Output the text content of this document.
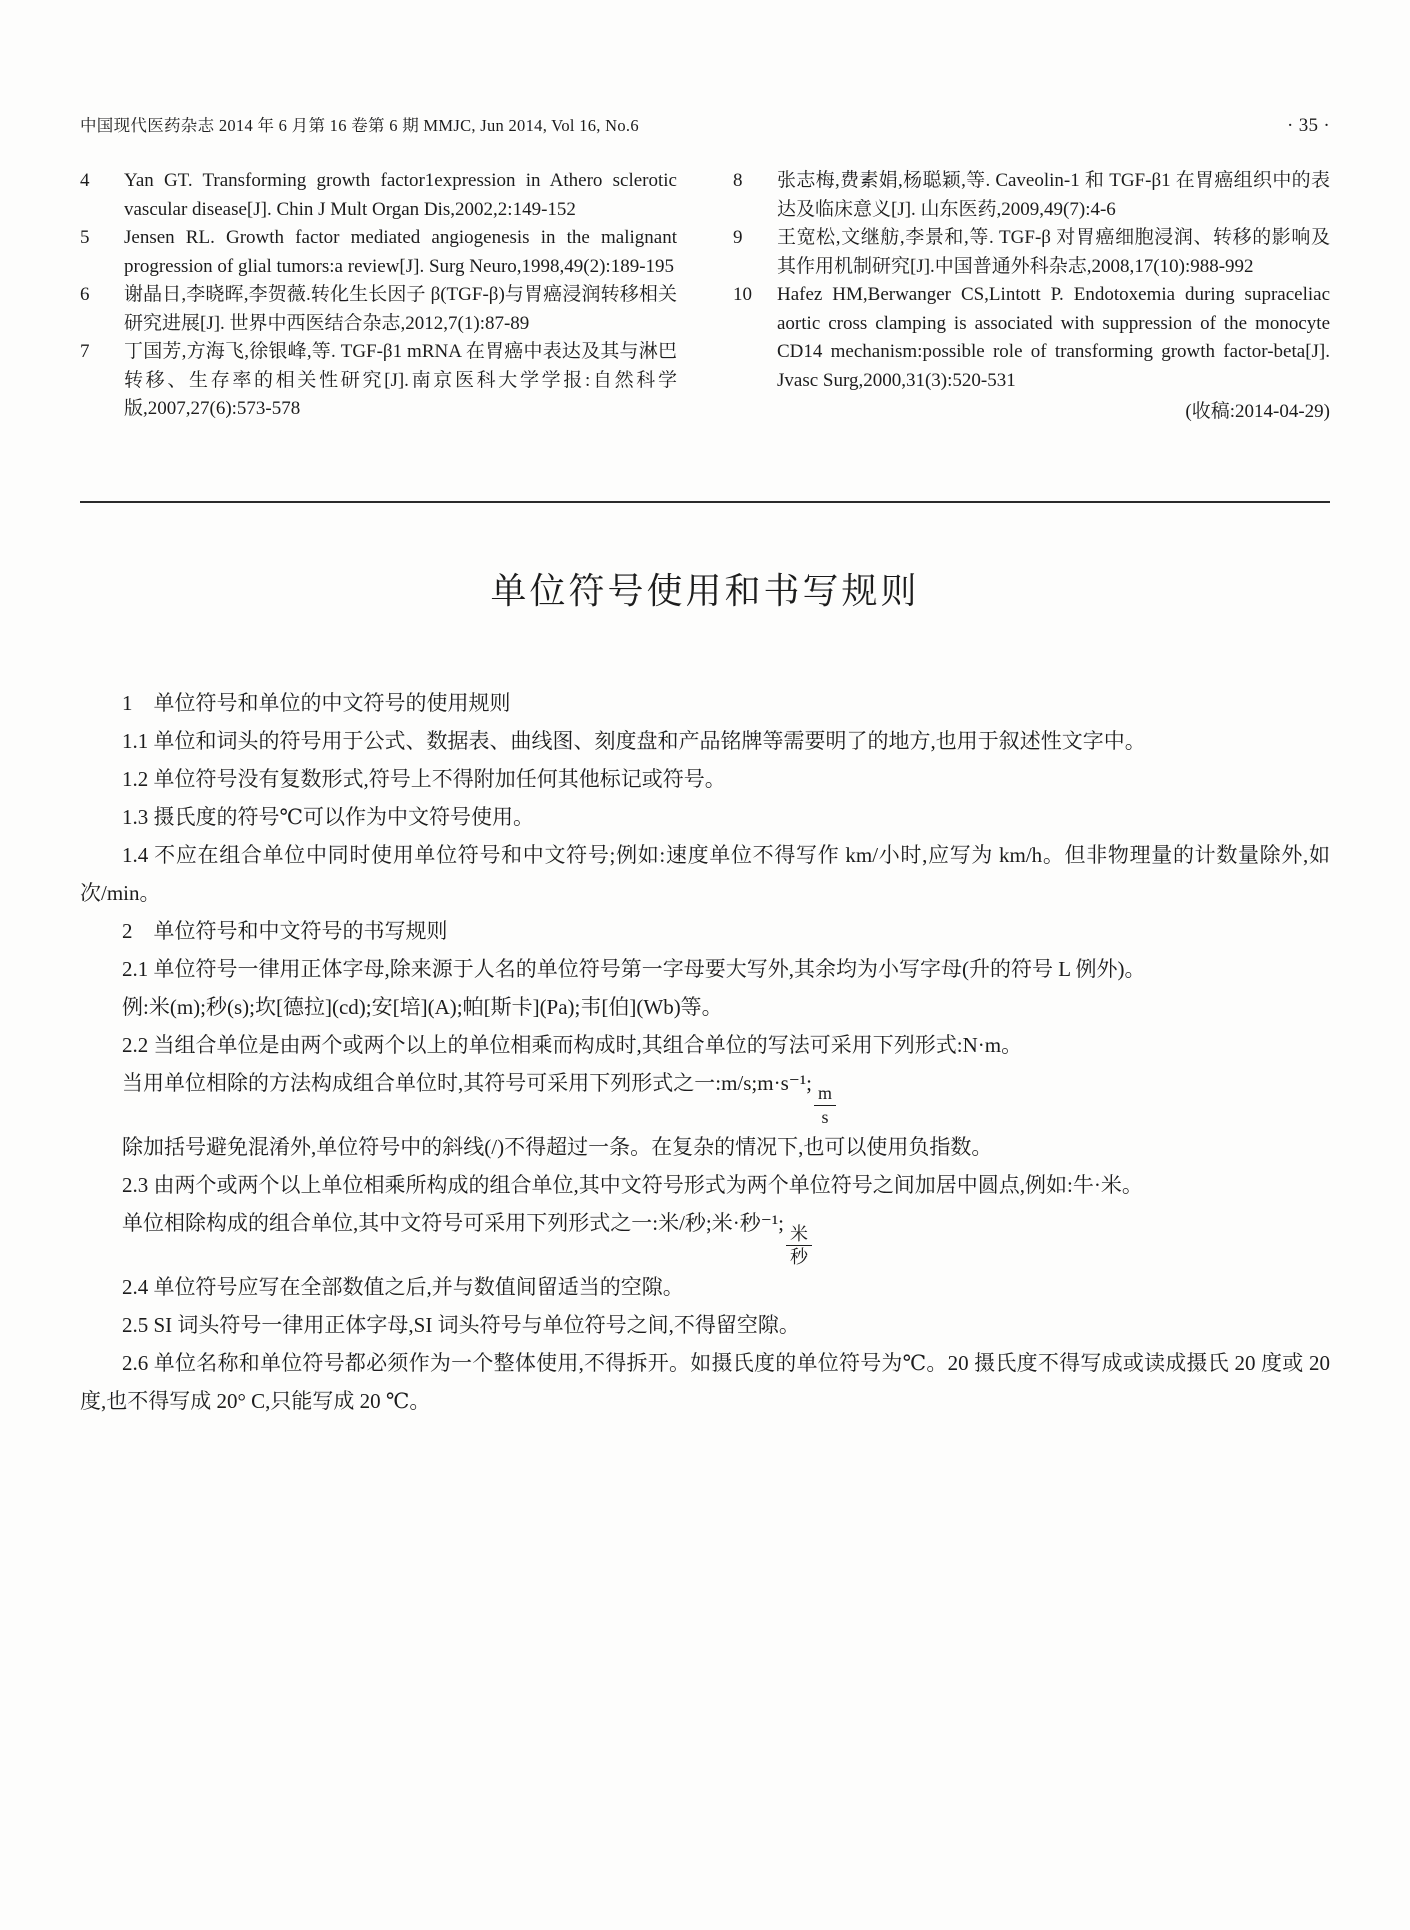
中国现代医药杂志 2014 年 6 月第 16 卷第 6 期 MMJC, Jun 2014, Vol 16, No.6	· 35 ·
4	Yan GT. Transforming growth factor1expression in Athero sclerotic vascular disease[J]. Chin J Mult Organ Dis,2002,2:149-152
5	Jensen RL. Growth factor mediated angiogenesis in the malignant progression of glial tumors:a review[J]. Surg Neuro,1998,49(2):189-195
6	谢晶日,李晓晖,李贺薇.转化生长因子 β(TGF-β)与胃癌浸润转移相关研究进展[J]. 世界中西医结合杂志,2012,7(1):87-89
7	丁国芳,方海飞,徐银峰,等. TGF-β1 mRNA 在胃癌中表达及其与淋巴转移、生存率的相关性研究[J].南京医科大学学报:自然科学版,2007,27(6):573-578
8	张志梅,费素娟,杨聪颖,等. Caveolin-1 和 TGF-β1 在胃癌组织中的表达及临床意义[J]. 山东医药,2009,49(7):4-6
9	王宽松,文继舫,李景和,等. TGF-β 对胃癌细胞浸润、转移的影响及其作用机制研究[J].中国普通外科杂志,2008,17(10):988-992
10	Hafez HM,Berwanger CS,Lintott P. Endotoxemia during supraceliac aortic cross clamping is associated with suppression of the monocyte CD14 mechanism:possible role of transforming growth factor-beta[J]. Jvasc Surg,2000,31(3):520-531
(收稿:2014-04-29)
单位符号使用和书写规则

1　单位符号和单位的中文符号的使用规则

1.1 单位和词头的符号用于公式、数据表、曲线图、刻度盘和产品铭牌等需要明了的地方,也用于叙述性文字中。

1.2 单位符号没有复数形式,符号上不得附加任何其他标记或符号。

1.3 摄氏度的符号℃可以作为中文符号使用。

1.4 不应在组合单位中同时使用单位符号和中文符号;例如:速度单位不得写作 km/小时,应写为 km/h。但非物理量的计数量除外,如次/min。

2　单位符号和中文符号的书写规则

2.1 单位符号一律用正体字母,除来源于人名的单位符号第一字母要大写外,其余均为小写字母(升的符号 L 例外)。

例:米(m);秒(s);坎[德拉](cd);安[培](A);帕[斯卡](Pa);韦[伯](Wb)等。

2.2 当组合单位是由两个或两个以上的单位相乘而构成时,其组合单位的写法可采用下列形式:N·m。

当用单位相除的方法构成组合单位时,其符号可采用下列形式之一:m/s;m·s⁻¹;
$\frac{m}{s}$

除加括号避免混淆外,单位符号中的斜线(/)不得超过一条。在复杂的情况下,也可以使用负指数。

2.3 由两个或两个以上单位相乘所构成的组合单位,其中文符号形式为两个单位符号之间加居中圆点,例如:牛·米。

单位相除构成的组合单位,其中文符号可采用下列形式之一:米/秒;米·秒⁻¹;
$\frac{\text{米}}{\text{秒}}$

2.4 单位符号应写在全部数值之后,并与数值间留适当的空隙。

2.5 SI 词头符号一律用正体字母,SI 词头符号与单位符号之间,不得留空隙。

2.6 单位名称和单位符号都必须作为一个整体使用,不得拆开。如摄氏度的单位符号为℃。20 摄氏度不得写成或读成摄氏 20 度或 20 度,也不得写成 20° C,只能写成 20 ℃。
